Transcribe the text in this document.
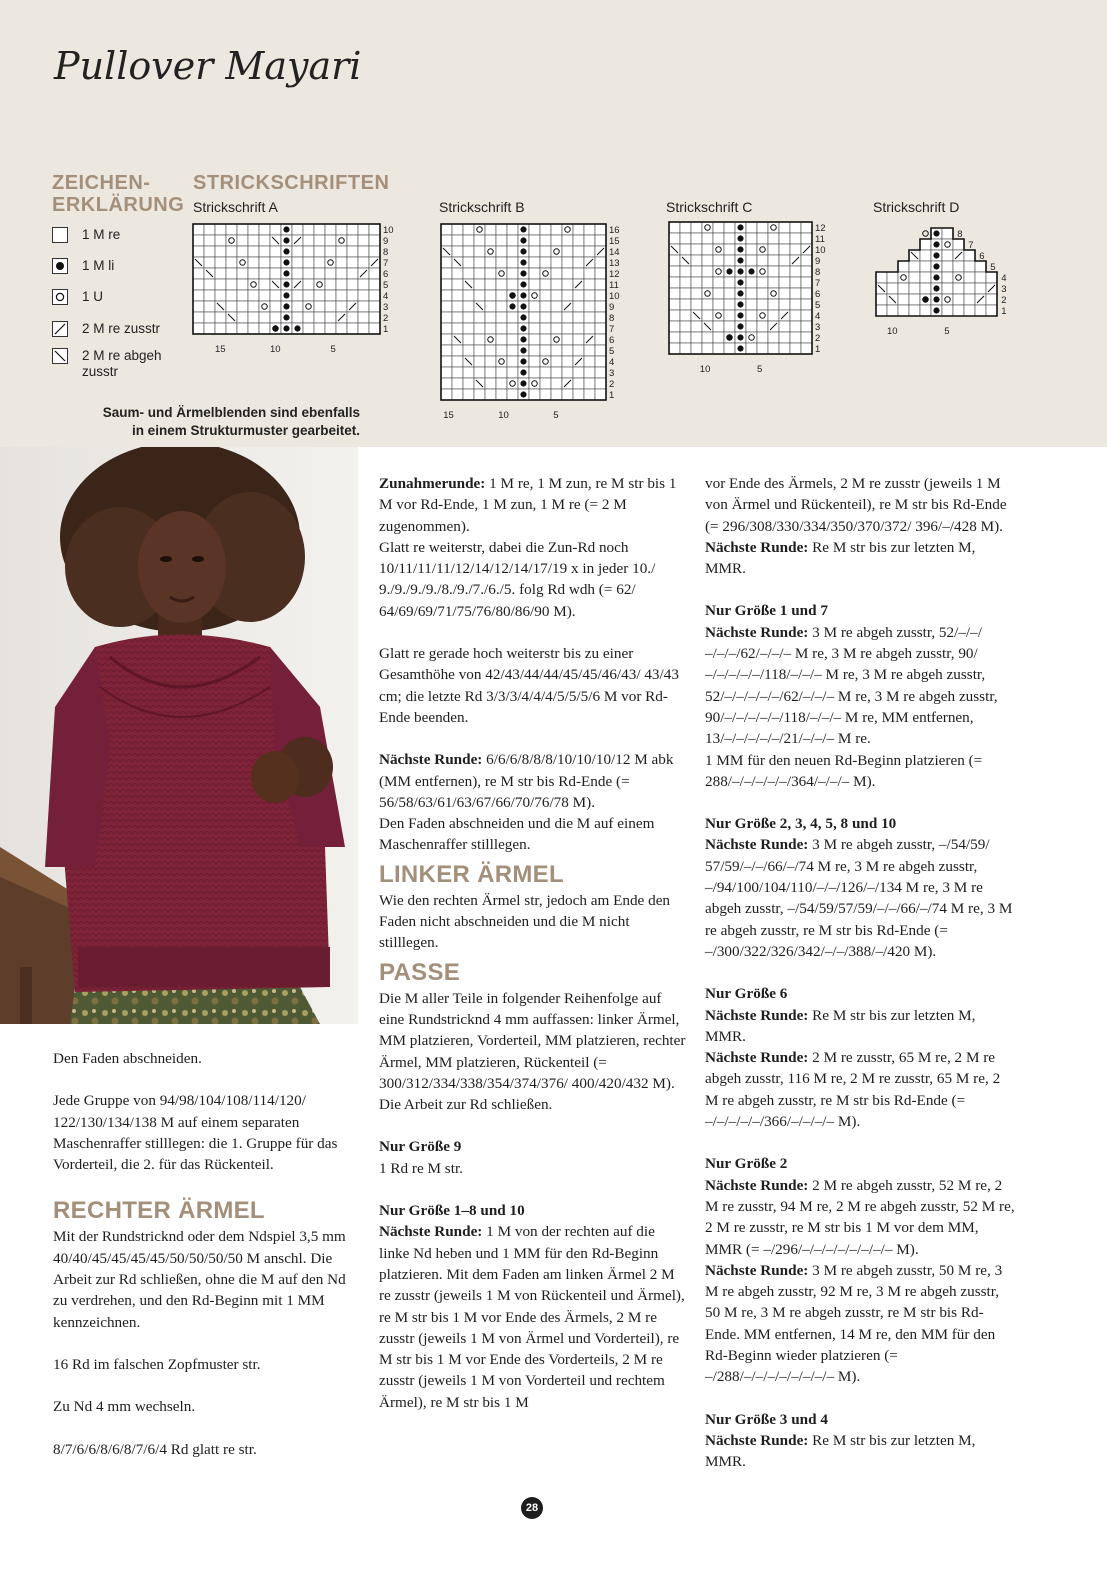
Pullover Mayari
ZEICHEN-
ERKLÄRUNG
1 M re
1 M li
1 U
2 M re zusstr
2 M re abgeh zusstr
STRICKSCHRIFTEN
Strickschrift A	Strickschrift B	Strickschrift C	Strickschrift D
10
9
8
7
6
5
4
3
2
1
15	10	5
16
15
14
13
12
11
10
9
8
7
6
5
4
3
2
1
15	10	5
12
11
10
9
8
7
6
5
4
3
2
1
10	5
10	5
8
7
6
5
4
3
2
1
Saum- und Ärmelblenden sind ebenfalls in einem Strukturmuster gearbeitet.

Den Faden abschneiden.

Jede Gruppe von 94/98/104/108/114/120/ 122/130/134/138 M auf einem separaten Maschenraffer stilllegen: die 1. Gruppe für das Vorderteil, die 2. für das Rückenteil.

RECHTER ÄRMEL

Mit der Rundstricknd oder dem Ndspiel 3,5 mm 40/40/45/45/45/45/50/50/50/50 M anschl. Die Arbeit zur Rd schließen, ohne die M auf den Nd zu verdrehen, und den Rd-Beginn mit 1 MM kennzeichnen.

16 Rd im falschen Zopfmuster str.

Zu Nd 4 mm wechseln.

8/7/6/6/8/6/8/7/6/4 Rd glatt re str.

Zunahmerunde: 1 M re, 1 M zun, re M str bis 1 M vor Rd-Ende, 1 M zun, 1 M re (= 2 M zugenommen).

Glatt re weiterstr, dabei die Zun-Rd noch 10/11/11/11/12/14/12/14/17/19 x in jeder 10./ 9./9./9./9./8./9./7./6./5. folg Rd wdh (= 62/ 64/69/69/71/75/76/80/86/90 M).

Glatt re gerade hoch weiterstr bis zu einer Gesamthöhe von 42/43/44/44/45/45/46/43/ 43/43 cm; die letzte Rd 3/3/3/4/4/4/5/5/5/6 M vor Rd-Ende beenden.

Nächste Runde: 6/6/6/8/8/8/10/10/10/12 M abk (MM entfernen), re M str bis Rd-Ende (= 56/58/63/61/63/67/66/70/76/78 M).

Den Faden abschneiden und die M auf einem Maschenraffer stilllegen.

LINKER ÄRMEL

Wie den rechten Ärmel str, jedoch am Ende den Faden nicht abschneiden und die M nicht stilllegen.

PASSE

Die M aller Teile in folgender Reihenfolge auf eine Rundstricknd 4 mm auffassen: linker Ärmel, MM platzieren, Vorderteil, MM platzieren, rechter Ärmel, MM platzieren, Rückenteil (= 300/312/334/338/354/374/376/ 400/420/432 M).

Die Arbeit zur Rd schließen.

Nur Größe 9
1 Rd re M str.

Nur Größe 1–8 und 10
Nächste Runde: 1 M von der rechten auf die linke Nd heben und 1 MM für den Rd-Beginn platzieren. Mit dem Faden am linken Ärmel 2 M re zusstr (jeweils 1 M von Rückenteil und Ärmel), re M str bis 1 M vor Ende des Ärmels, 2 M re zusstr (jeweils 1 M von Ärmel und Vorderteil), re M str bis 1 M vor Ende des Vorderteils, 2 M re zusstr (jeweils 1 M von Vorderteil und rechtem Ärmel), re M str bis 1 M

vor Ende des Ärmels, 2 M re zusstr (jeweils 1 M von Ärmel und Rückenteil), re M str bis Rd-Ende (= 296/308/330/334/350/370/372/ 396/–/428 M).

Nächste Runde: Re M str bis zur letzten M, MMR.

Nur Größe 1 und 7
Nächste Runde: 3 M re abgeh zusstr, 52/–/–/ –/–/–/62/–/–/– M re, 3 M re abgeh zusstr, 90/ –/–/–/–/–/118/–/–/– M re, 3 M re abgeh zusstr, 52/–/–/–/–/–/62/–/–/– M re, 3 M re abgeh zusstr, 90/–/–/–/–/–/118/–/–/– M re, MM entfernen, 13/–/–/–/–/–/21/–/–/– M re.

1 MM für den neuen Rd-Beginn platzieren (= 288/–/–/–/–/–/364/–/–/– M).

Nur Größe 2, 3, 4, 5, 8 und 10
Nächste Runde: 3 M re abgeh zusstr, –/54/59/ 57/59/–/–/66/–/74 M re, 3 M re abgeh zusstr, –/94/100/104/110/–/–/126/–/134 M re, 3 M re abgeh zusstr, –/54/59/57/59/–/–/66/–/74 M re, 3 M re abgeh zusstr, re M str bis Rd-Ende (= –/300/322/326/342/–/–/388/–/420 M).

Nur Größe 6
Nächste Runde: Re M str bis zur letzten M, MMR.
Nächste Runde: 2 M re zusstr, 65 M re, 2 M re abgeh zusstr, 116 M re, 2 M re zusstr, 65 M re, 2 M re abgeh zusstr, re M str bis Rd-Ende (= –/–/–/–/–/366/–/–/–/– M).

Nur Größe 2
Nächste Runde: 2 M re abgeh zusstr, 52 M re, 2 M re zusstr, 94 M re, 2 M re abgeh zusstr, 52 M re, 2 M re zusstr, re M str bis 1 M vor dem MM, MMR (= –/296/–/–/–/–/–/–/–/– M).
Nächste Runde: 3 M re abgeh zusstr, 50 M re, 3 M re abgeh zusstr, 92 M re, 3 M re abgeh zusstr, 50 M re, 3 M re abgeh zusstr, re M str bis Rd-Ende. MM entfernen, 14 M re, den MM für den Rd-Beginn wieder platzieren (= –/288/–/–/–/–/–/–/–/– M).

Nur Größe 3 und 4
Nächste Runde: Re M str bis zur letzten M, MMR.

28
